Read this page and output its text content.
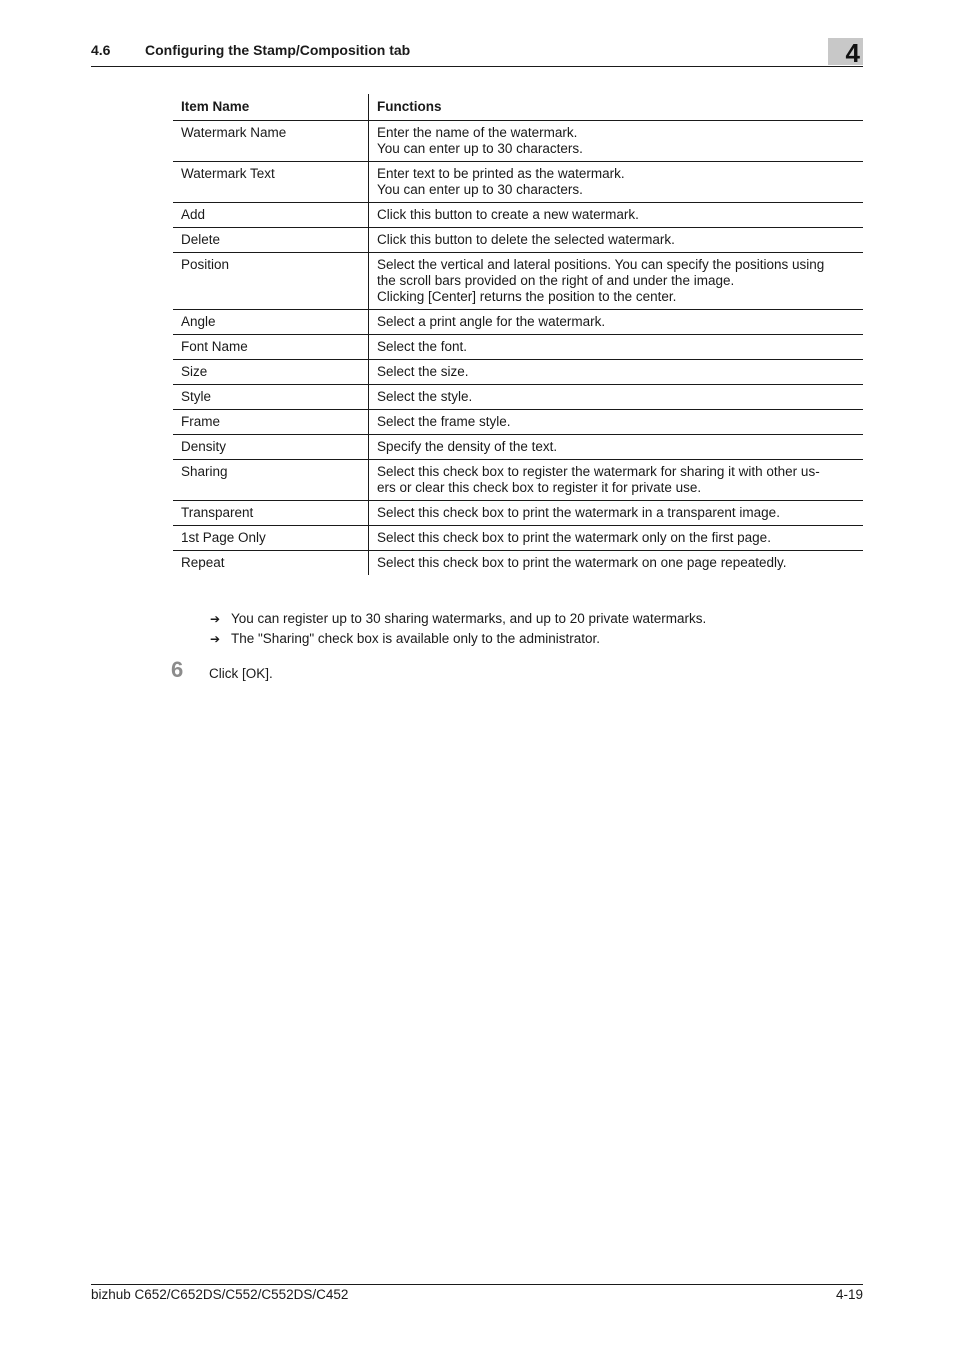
4.6 Configuring the Stamp/Composition tab	4
Item Name	Functions
Watermark Name	Enter the name of the watermark.
You can enter up to 30 characters.

Watermark Text	Enter text to be printed as the watermark.
You can enter up to 30 characters.

Add	Click this button to create a new watermark.

Delete	Click this button to delete the selected watermark.

Position	Select the vertical and lateral positions. You can specify the positions using
the scroll bars provided on the right of and under the image.
Clicking [Center] returns the position to the center.

Angle	Select a print angle for the watermark.

Font Name	Select the font.

Size	Select the size.

Style	Select the style.

Frame	Select the frame style.

Density	Specify the density of the text.

Sharing	Select this check box to register the watermark for sharing it with other us-
ers or clear this check box to register it for private use.

Transparent	Select this check box to print the watermark in a transparent image.

1st Page Only	Select this check box to print the watermark only on the first page.

Repeat	Select this check box to print the watermark on one page repeatedly.
➔ You can register up to 30 sharing watermarks, and up to 20 private watermarks.
➔ The "Sharing" check box is available only to the administrator.
6 Click [OK].
bizhub C652/C652DS/C552/C552DS/C452	4-19
